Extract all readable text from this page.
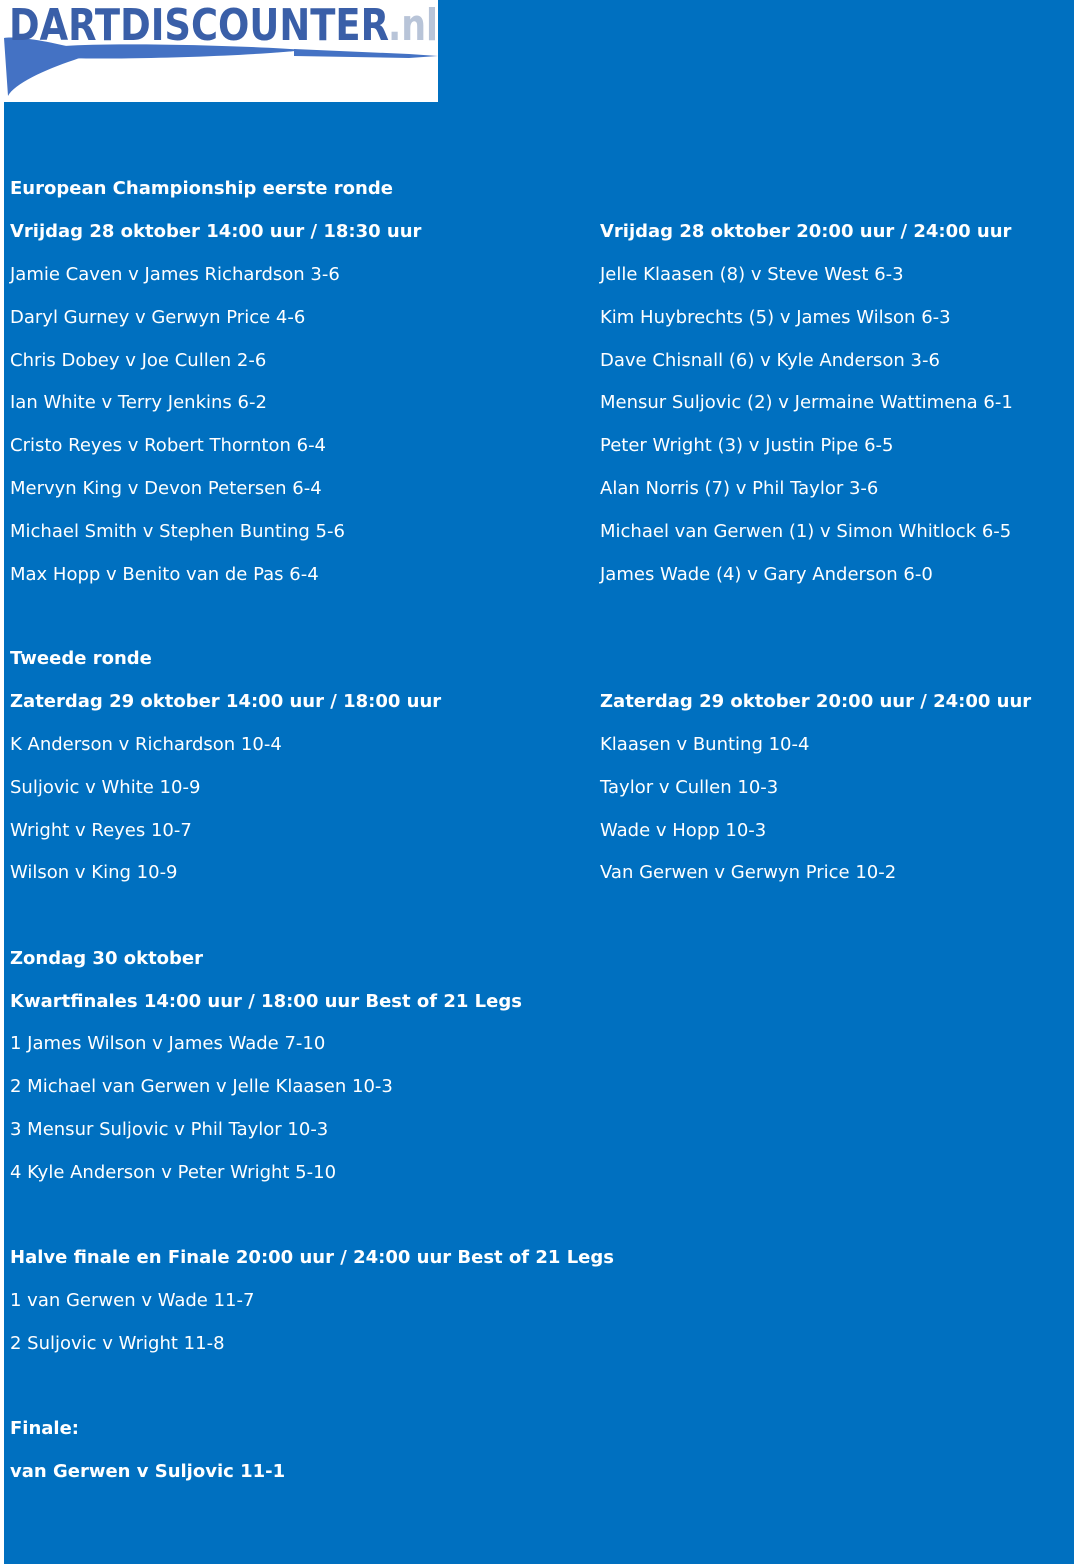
DARTDISCOUNTER .nl
European Championship eerste ronde
Vrijdag 28 oktober 14:00 uur / 18:30 uur	Vrijdag 28 oktober 20:00 uur / 24:00 uur
Jamie Caven v James Richardson 3-6
Daryl Gurney v Gerwyn Price 4-6
Chris Dobey v Joe Cullen 2-6
Ian White v Terry Jenkins 6-2
Cristo Reyes v Robert Thornton 6-4
Mervyn King v Devon Petersen 6-4
Michael Smith v Stephen Bunting 5-6
Max Hopp v Benito van de Pas 6-4
Jelle Klaasen (8) v Steve West 6-3
Kim Huybrechts (5) v James Wilson 6-3
Dave Chisnall (6) v Kyle Anderson 3-6
Mensur Suljovic (2) v Jermaine Wattimena 6-1
Peter Wright (3) v Justin Pipe 6-5
Alan Norris (7) v Phil Taylor 3-6
Michael van Gerwen (1) v Simon Whitlock 6-5
James Wade (4) v Gary Anderson 6-0
Tweede ronde
Zaterdag 29 oktober 14:00 uur / 18:00 uur	Zaterdag 29 oktober 20:00 uur / 24:00 uur
K Anderson v Richardson 10-4
Suljovic v White 10-9
Wright v Reyes 10-7
Wilson v King 10-9
Klaasen v Bunting 10-4
Taylor v Cullen 10-3
Wade v Hopp 10-3
Van Gerwen v Gerwyn Price 10-2
Zondag 30 oktober
Kwartfinales 14:00 uur / 18:00 uur Best of 21 Legs
1 James Wilson v James Wade 7-10
2 Michael van Gerwen v Jelle Klaasen 10-3
3 Mensur Suljovic v Phil Taylor 10-3
4 Kyle Anderson v Peter Wright 5-10
Halve finale en Finale 20:00 uur / 24:00 uur Best of 21 Legs
1 van Gerwen v Wade 11-7
2 Suljovic v Wright 11-8
Finale:
van Gerwen v Suljovic 11-1
